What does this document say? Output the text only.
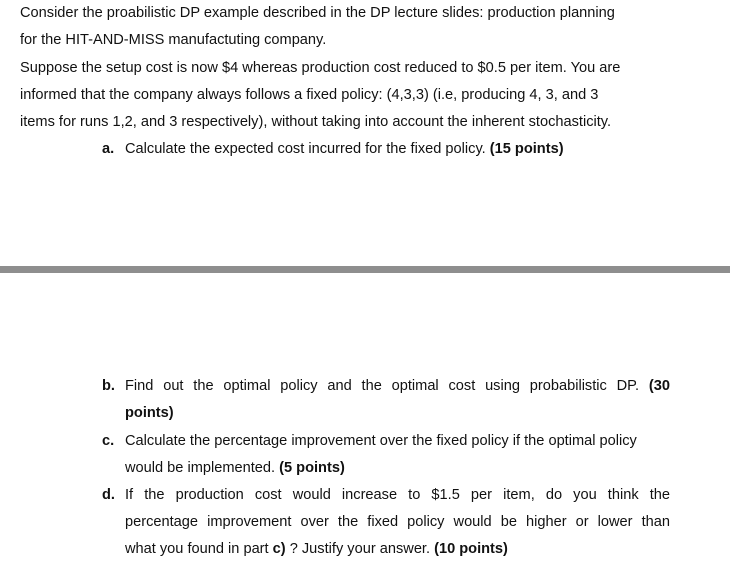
Consider the proabilistic DP example described in the DP lecture slides: production planning
for the HIT-AND-MISS manufactuting company.
Suppose the setup cost is now $4 whereas production cost reduced to $0.5 per item. You are
informed that the company always follows a fixed policy: (4,3,3) (i.e, producing 4, 3, and 3
items for runs 1,2, and 3 respectively), without taking into account the inherent stochasticity.
a. Calculate the expected cost incurred for the fixed policy. (15 points)
b. Find out the optimal policy and the optimal cost using probabilistic DP. (30
points)
c. Calculate the percentage improvement over the fixed policy if the optimal policy
would be implemented. (5 points)
d. If the production cost would increase to $1.5 per item, do you think the
percentage improvement over the fixed policy would be higher or lower than
what you found in part c) ? Justify your answer. (10 points)
